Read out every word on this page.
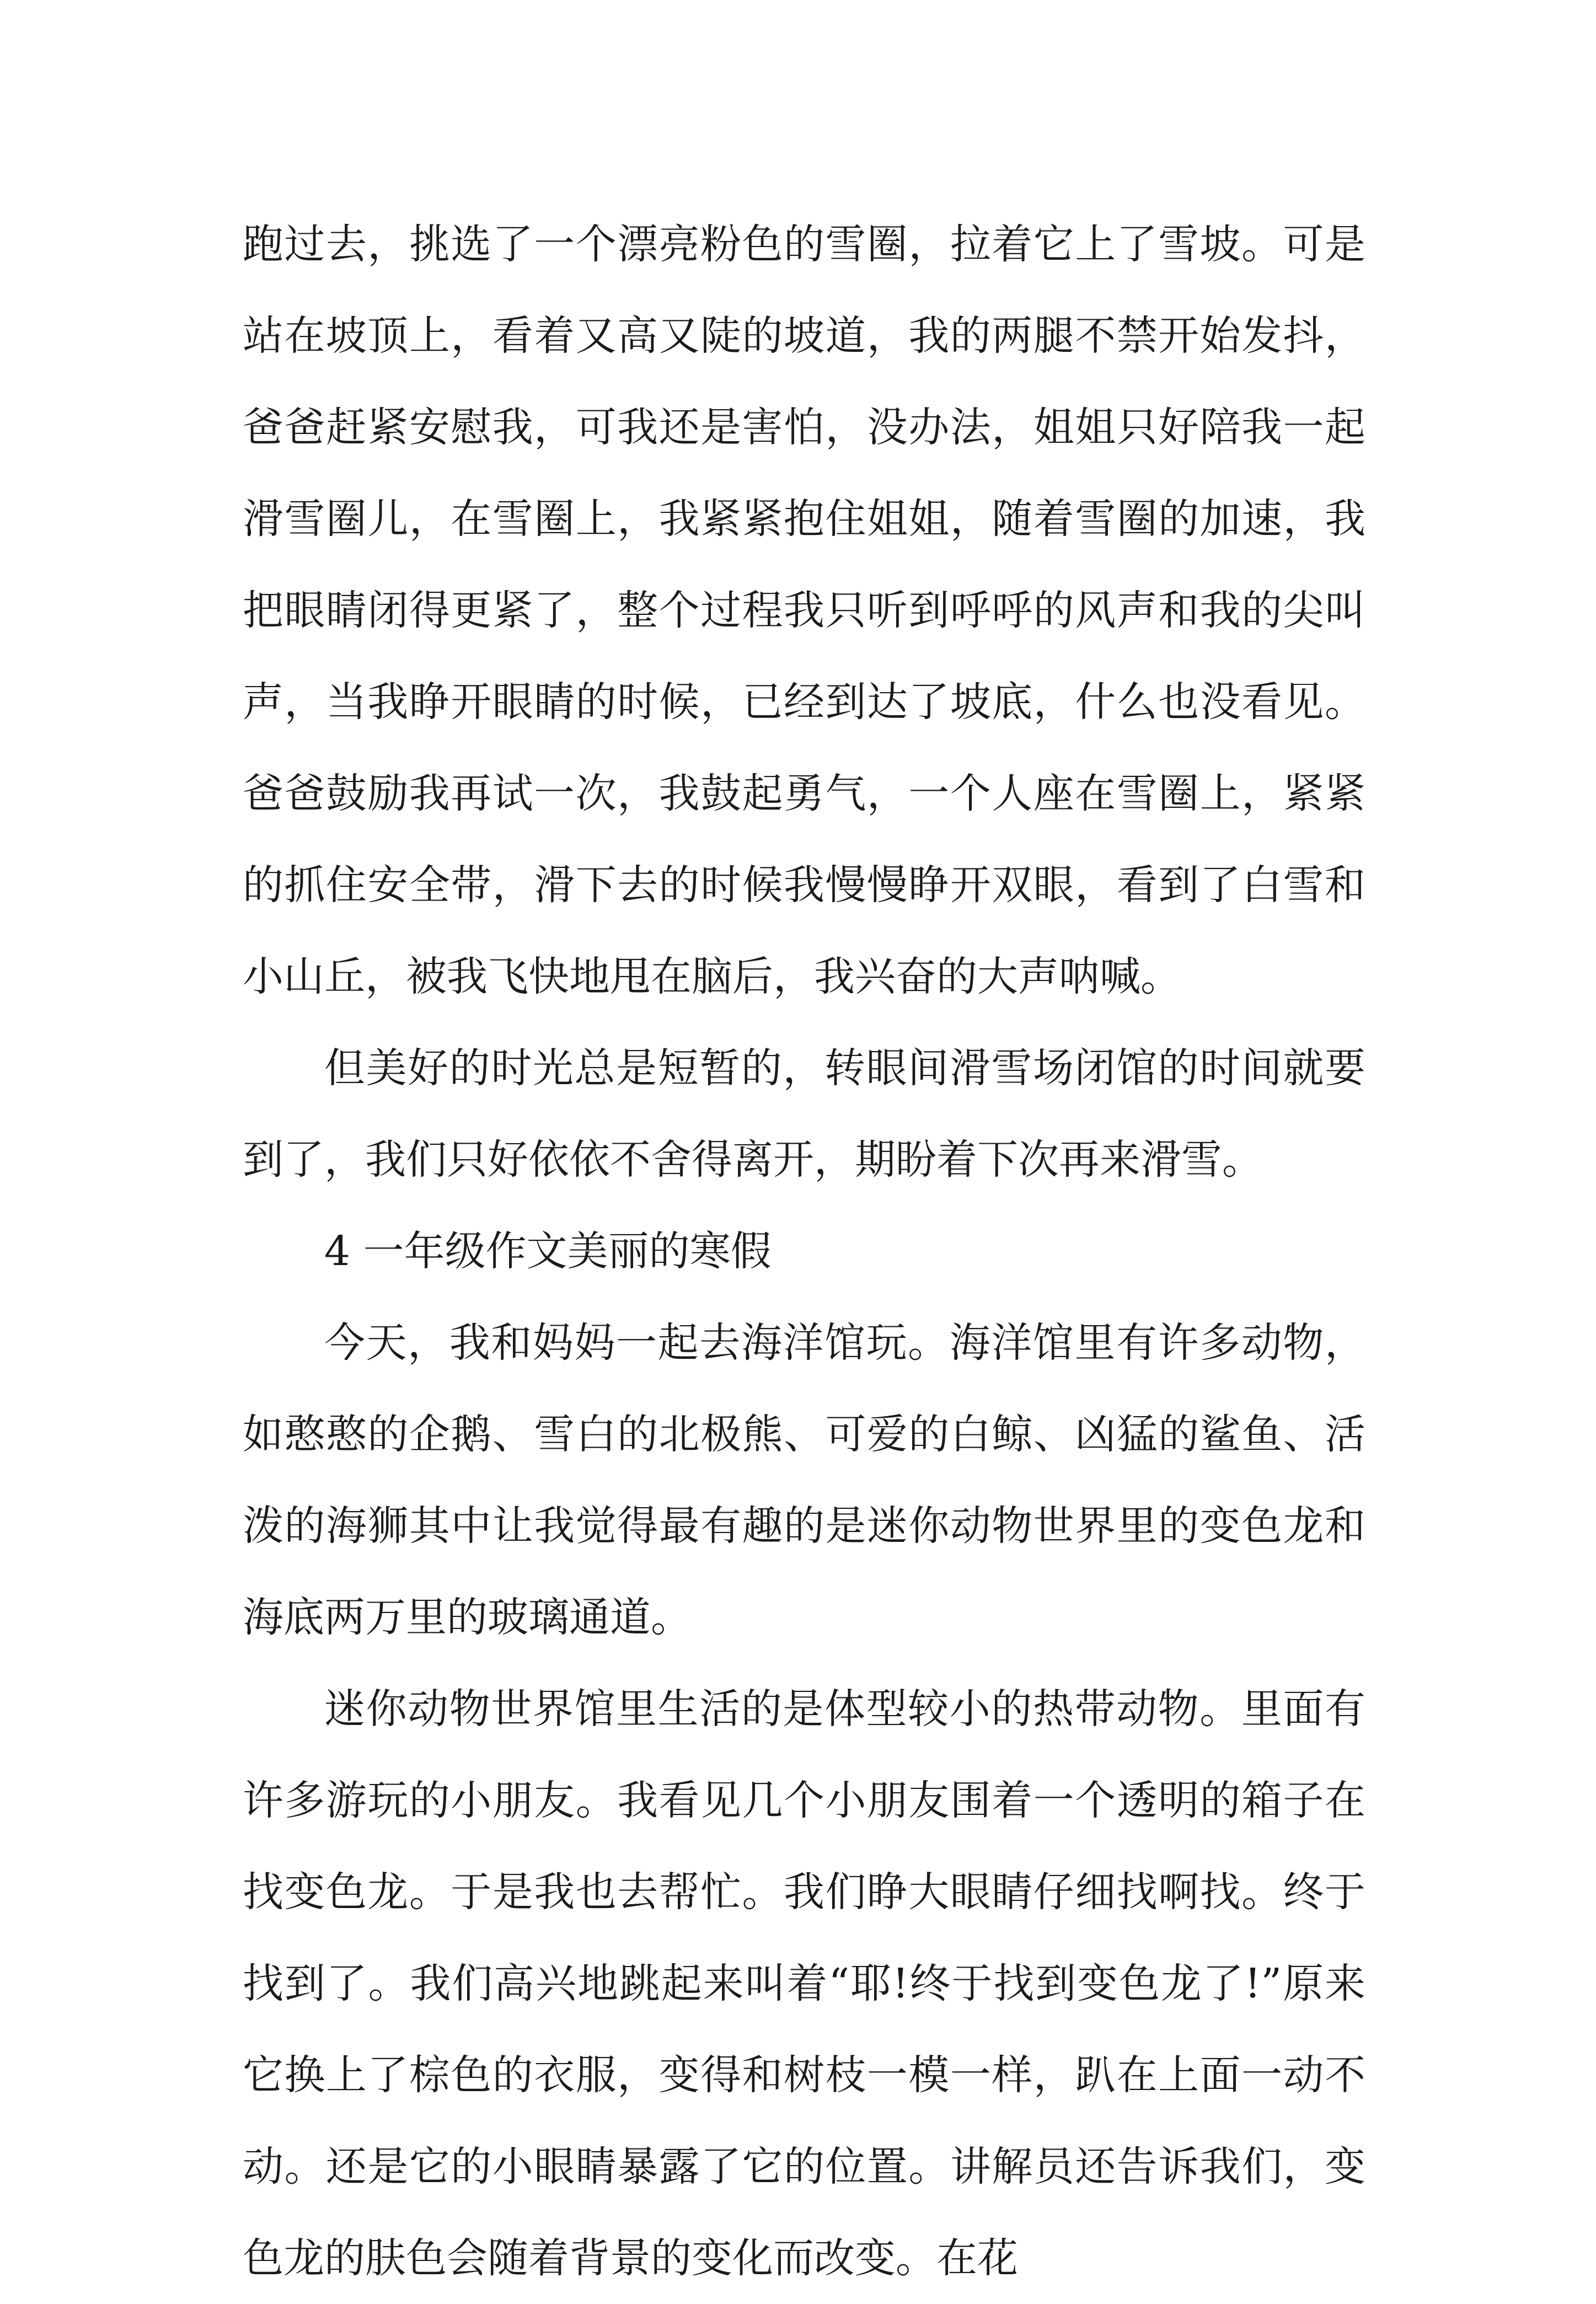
跑过去，挑选了一个漂亮粉色的雪圈，拉着它上了雪坡。可是站在坡顶上，看着又高又陡的坡道，我的两腿不禁开始发抖，爸爸赶紧安慰我，可我还是害怕，没办法，姐姐只好陪我一起滑雪圈儿，在雪圈上，我紧紧抱住姐姐，随着雪圈的加速，我把眼睛闭得更紧了，整个过程我只听到呼呼的风声和我的尖叫声，当我睁开眼睛的时候，已经到达了坡底，什么也没看见。爸爸鼓励我再试一次，我鼓起勇气，一个人座在雪圈上，紧紧的抓住安全带，滑下去的时候我慢慢睁开双眼，看到了白雪和小山丘，被我飞快地甩在脑后，我兴奋的大声呐喊。

但美好的时光总是短暂的，转眼间滑雪场闭馆的时间就要到了，我们只好依依不舍得离开，期盼着下次再来滑雪。

4 一年级作文美丽的寒假

今天，我和妈妈一起去海洋馆玩。海洋馆里有许多动物，如憨憨的企鹅、雪白的北极熊、可爱的白鲸、凶猛的鲨鱼、活泼的海狮其中让我觉得最有趣的是迷你动物世界里的变色龙和海底两万里的玻璃通道。

迷你动物世界馆里生活的是体型较小的热带动物。里面有许多游玩的小朋友。我看见几个小朋友围着一个透明的箱子在找变色龙。于是我也去帮忙。我们睁大眼睛仔细找啊找。终于找到了。我们高兴地跳起来叫着“耶!终于找到变色龙了!”原来它换上了棕色的衣服，变得和树枝一模一样，趴在上面一动不动。还是它的小眼睛暴露了它的位置。讲解员还告诉我们，变色龙的肤色会随着背景的变化而改变。在花
